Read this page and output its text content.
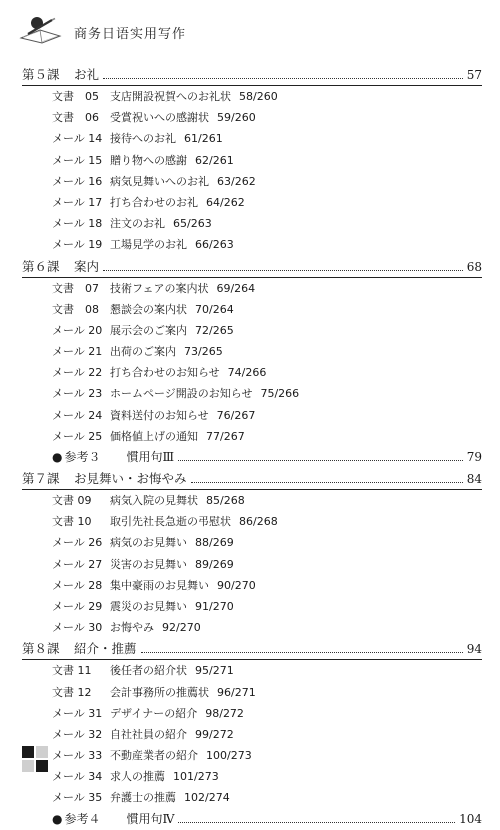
商务日语实用写作
第５課	お礼	57
文書　05	支店開設祝賀へのお礼状 58/260
文書　06	受賞祝いへの感謝状 59/260
メール 14 接待へのお礼 61/261
メール 15 贈り物への感謝 62/261
メール 16 病気見舞いへのお礼 63/262
メール 17 打ち合わせのお礼 64/262
メール 18 注文のお礼 65/263
メール 19 工場見学のお礼 66/263
第６課	案内	68
文書　07	技術フェアの案内状 69/264
文書　08	懇談会の案内状 70/264
メール 20 展示会のご案内 72/265
メール 21 出荷のご案内 73/265
メール 22 打ち合わせのお知らせ 74/266
メール 23 ホームページ開設のお知らせ 75/266
メール 24 資料送付のお知らせ 76/267
メール 25 価格値上げの通知 77/267
● 参考３	慣用句Ⅲ	79
第７課	お見舞い・お悔やみ	84
文書 09	病気入院の見舞状 85/268
文書 10	取引先社長急逝の弔慰状 86/268
メール 26 病気のお見舞い 88/269
メール 27 災害のお見舞い 89/269
メール 28 集中豪雨のお見舞い 90/270
メール 29 震災のお見舞い 91/270
メール 30 お悔やみ 92/270
第８課	紹介・推薦	94
文書 11	後任者の紹介状 95/271
文書 12	会計事務所の推薦状 96/271
メール 31 デザイナーの紹介 98/272
メール 32 自社社員の紹介 99/272
メール 33 不動産業者の紹介 100/273
メール 34 求人の推薦 101/273
メール 35 弁護士の推薦 102/274
● 参考４	慣用句Ⅳ	104
